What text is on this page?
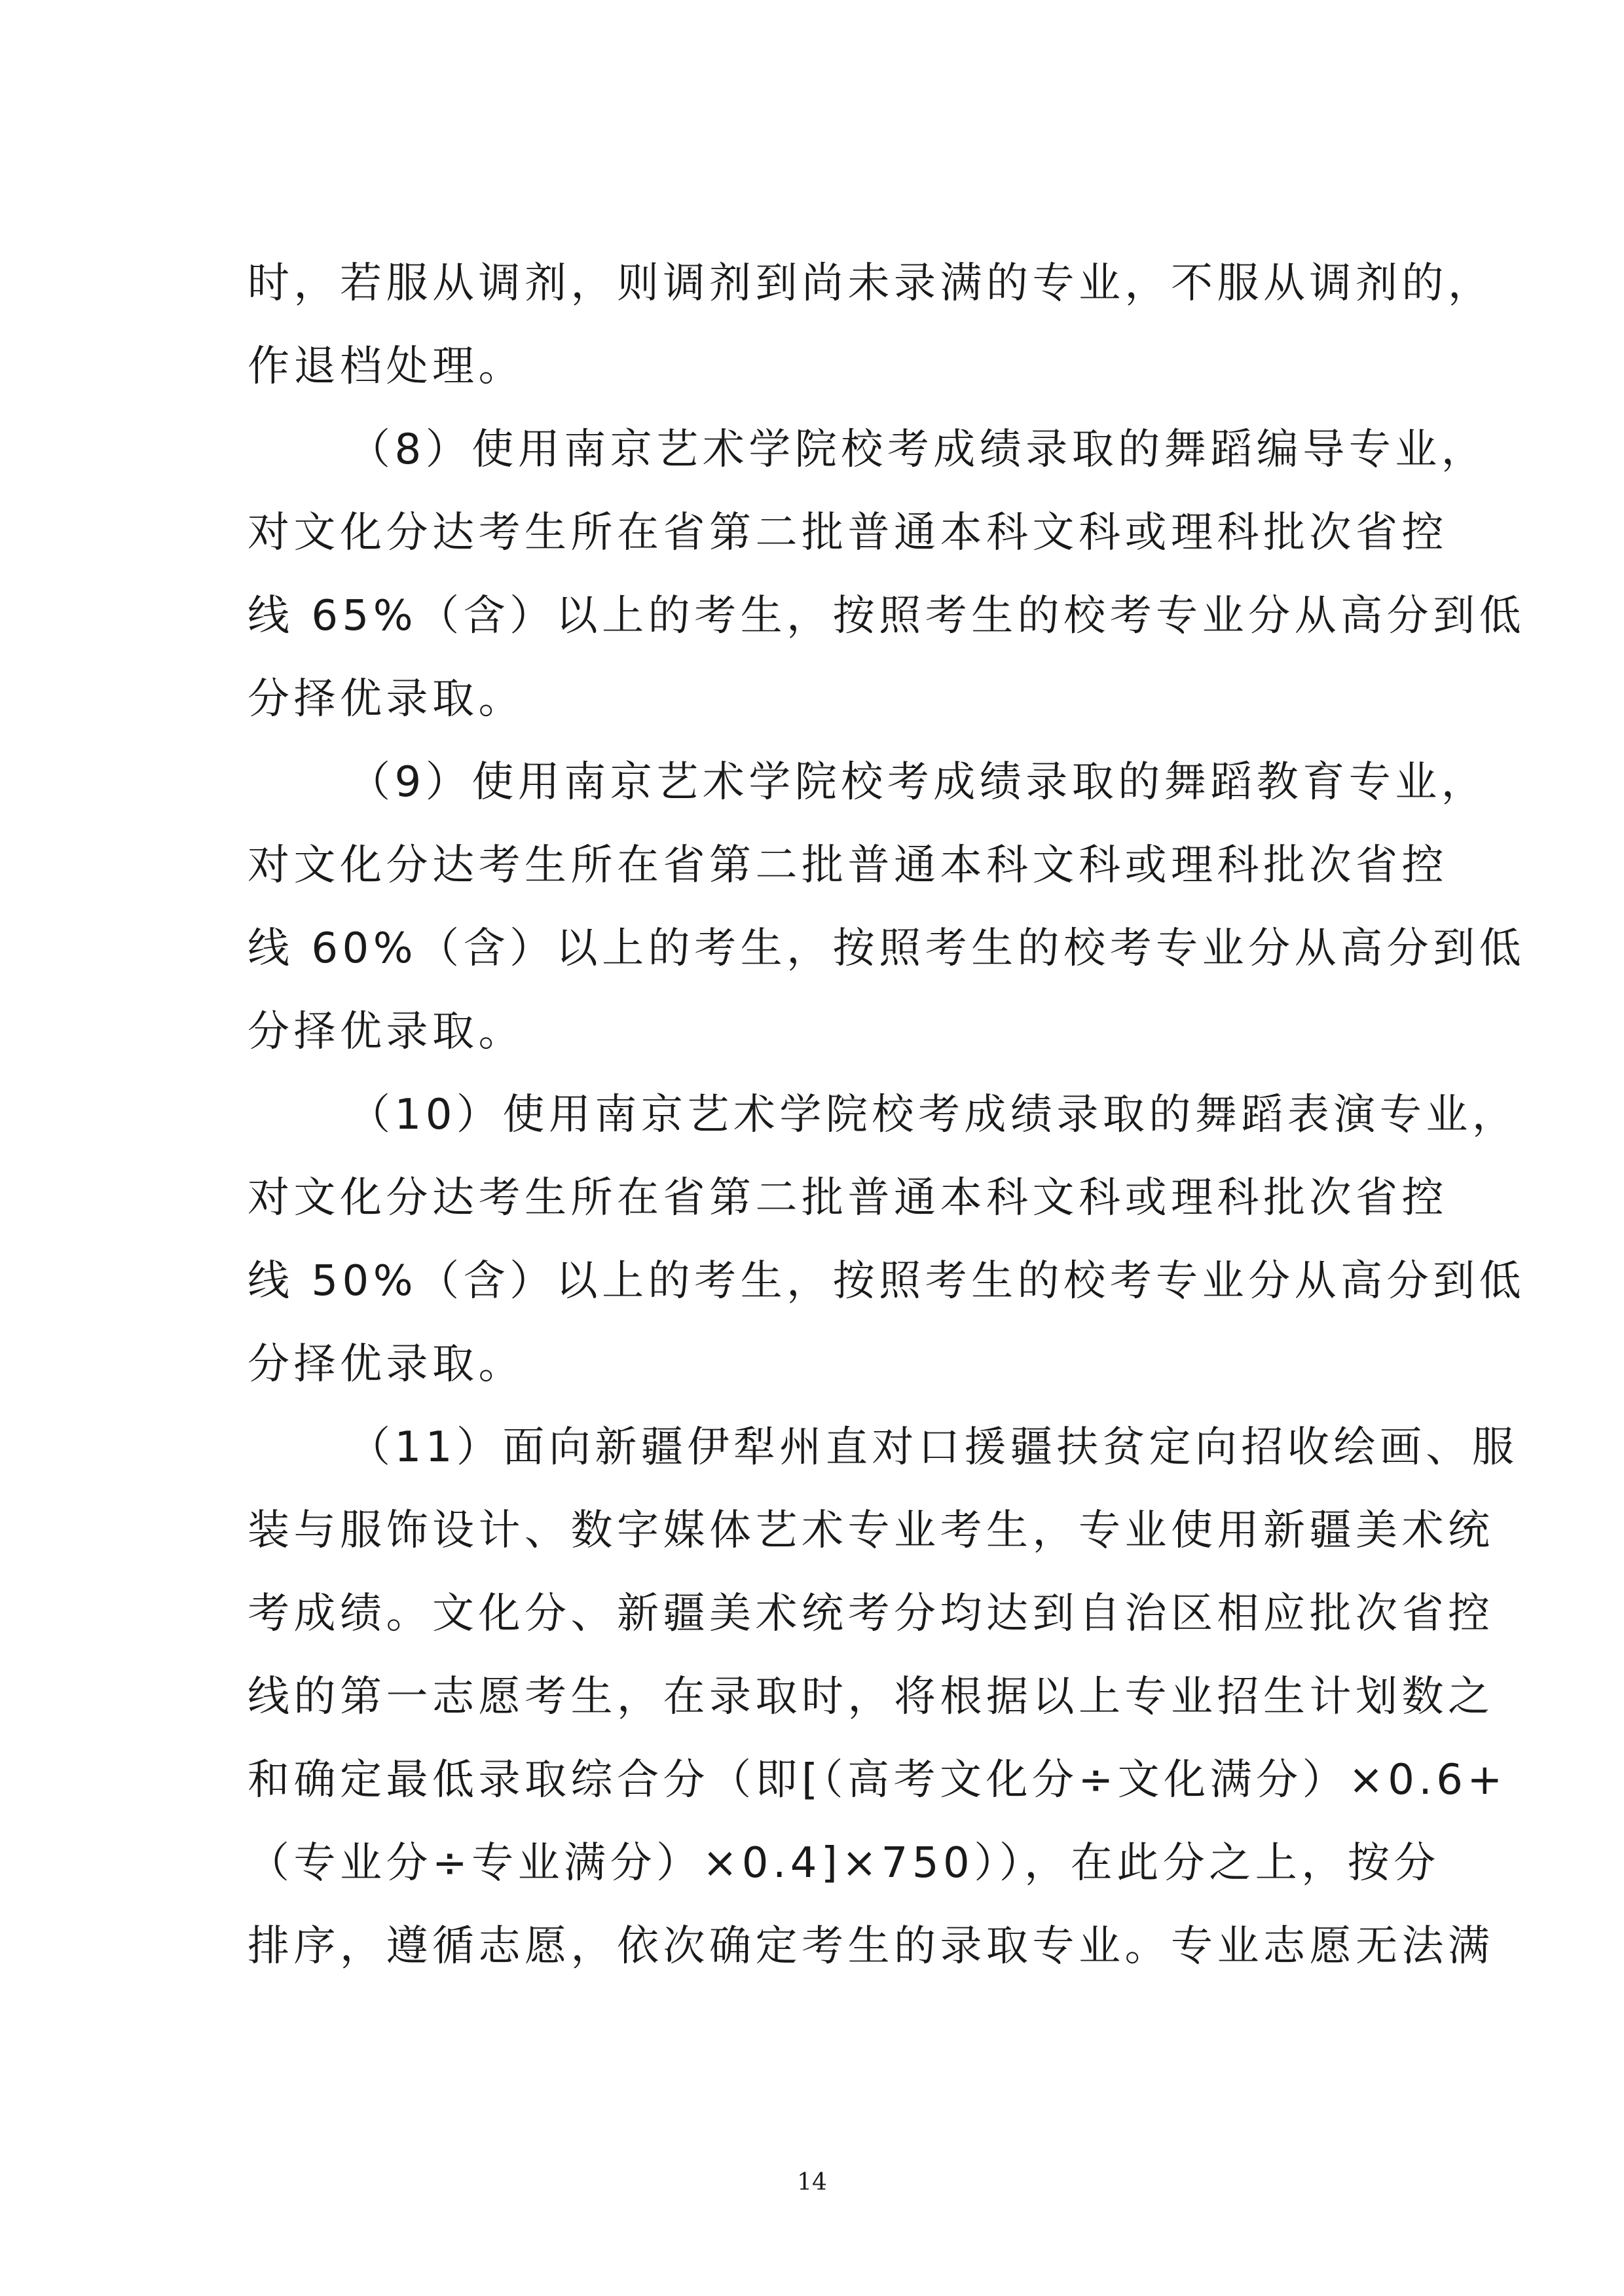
时，若服从调剂，则调剂到尚未录满的专业，不服从调剂的，
作退档处理。
（8）使用南京艺术学院校考成绩录取的舞蹈编导专业，
对文化分达考生所在省第二批普通本科文科或理科批次省控
线 65%（含）以上的考生，按照考生的校考专业分从高分到低
分择优录取。
（9）使用南京艺术学院校考成绩录取的舞蹈教育专业，
对文化分达考生所在省第二批普通本科文科或理科批次省控
线 60%（含）以上的考生，按照考生的校考专业分从高分到低
分择优录取。
（10）使用南京艺术学院校考成绩录取的舞蹈表演专业，
对文化分达考生所在省第二批普通本科文科或理科批次省控
线 50%（含）以上的考生，按照考生的校考专业分从高分到低
分择优录取。
（11）面向新疆伊犁州直对口援疆扶贫定向招收绘画、服
装与服饰设计、数字媒体艺术专业考生，专业使用新疆美术统
考成绩。文化分、新疆美术统考分均达到自治区相应批次省控
线的第一志愿考生，在录取时，将根据以上专业招生计划数之
和确定最低录取综合分（即[（高考文化分÷文化满分）×0.6+
（专业分÷专业满分）×0.4]×750）），在此分之上，按分
排序，遵循志愿，依次确定考生的录取专业。专业志愿无法满
14
